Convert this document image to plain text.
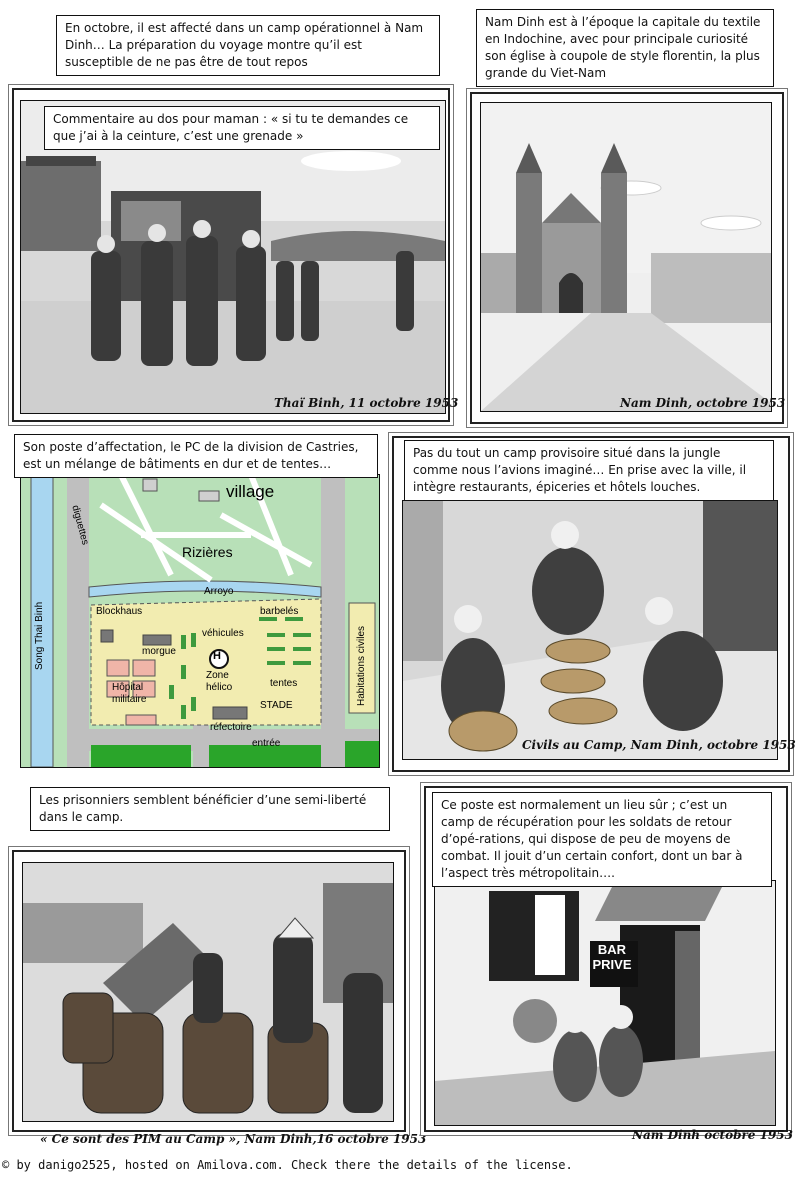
Commentaire au dos pour maman : « si tu te demandes ce que j’ai à la ceinture, c’est une grenade »
Thaï Binh, 11 octobre 1953
En octobre, il est affecté dans un camp opérationnel à Nam Dinh… La préparation du voyage montre qu’il est susceptible de ne pas être de tout repos
Nam Dinh est à l’époque la capitale du textile en Indochine, avec pour principale curiosité son église à coupole de style florentin, la plus grande du Viet-Nam
Nam Dinh, octobre 1953
village
diguettes
Rizières
Arroyo
Song Thai Binh	Blockhaus	barbelés
véhicules
morgue	H
Zone
hélico	tentes
Hôpital
militaire
STADE
réfectoire
entrée
Habitations civiles
Son poste d’affectation, le PC de la division de Castries, est un mélange de bâtiments en dur et de tentes…
Pas du tout un camp provisoire situé dans la jungle comme nous l’avions imaginé… En prise avec la ville, il intègre restaurants, épiceries et hôtels louches.
Civils au Camp, Nam Dinh, octobre 1953
Les prisonniers semblent bénéficier d’une semi-liberté dans le camp.
« Ce sont des PIM au Camp », Nam Dinh,16 octobre 1953
BAR
PRIVE
Ce poste est normalement un lieu sûr ; c’est un camp de récupération pour les soldats de retour d’opé-rations, qui dispose de peu de moyens de combat. Il jouit d’un certain confort, dont un bar à l’aspect très métropolitain….
Nam Dinh octobre 1953
© by danigo2525, hosted on Amilova.com. Check there the details of the license.
